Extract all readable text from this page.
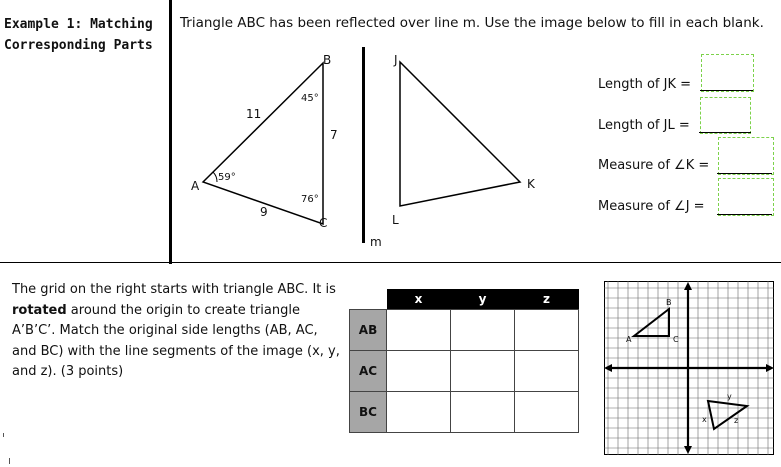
Example 1: Matching Corresponding Parts
Triangle ABC has been reflected over line m. Use the image below to fill in each blank.
A
B
C
11
7
9
59°
45°
76°
m
J
K
L
Length of JK =
Length of JL =
Measure of ∠K =
Measure of ∠J =
The grid on the right starts with triangle ABC. It is rotated around the origin to create triangle A’B’C’. Match the original side lengths (AB, AC, and BC) with the line segments of the image (x, y, and z). (3 points)
	x	y	z
AB			
AC			
BC			
B
A	C
y
x	z
